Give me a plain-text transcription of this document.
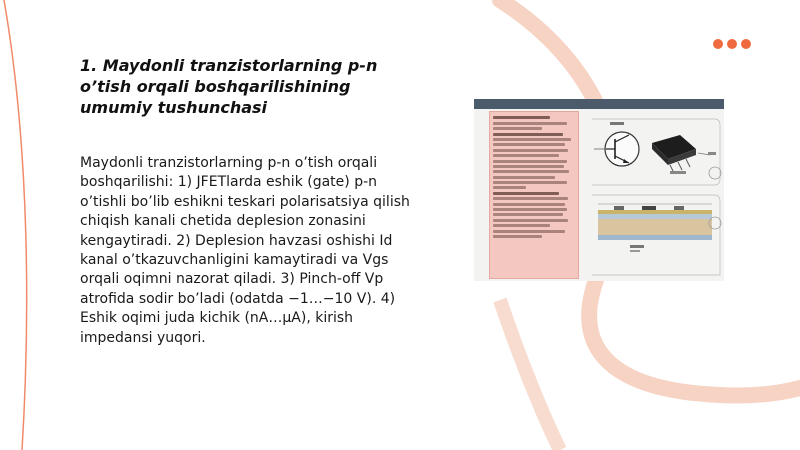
1. Maydonli tranzistorlarning p-n o’tish orqali boshqarilishining umumiy tushunchasi

Maydonli tranzistorlarning p-n o’tish orqali boshqarilishi: 1) JFETlarda eshik (gate) p-n o’tishli bo’lib eshikni teskari polarisatsiya qilish chiqish kanali chetida deplesion zonasini kengaytiradi. 2) Deplesion havzasi oshishi Id kanal o’tkazuvchanligini kamaytiradi va Vgs orqali oqimni nazorat qiladi. 3) Pinch-off Vp atrofida sodir bo’ladi (odatda −1…−10 V). 4) Eshik oqimi juda kichik (nA…µA), kirish impedansi yuqori.
